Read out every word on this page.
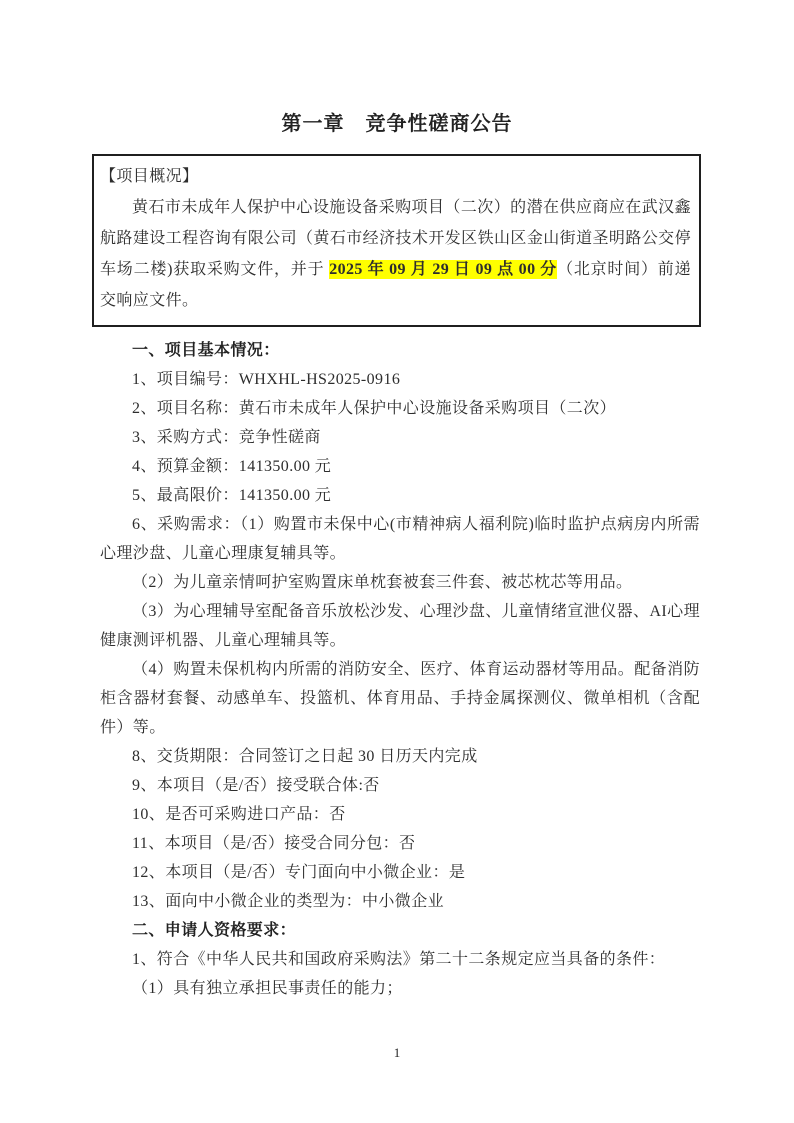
第一章　竞争性磋商公告
【项目概况】

黄石市未成年人保护中心设施设备采购项目（二次）的潜在供应商应在武汉鑫航路建设工程咨询有限公司（黄石市经济技术开发区铁山区金山街道圣明路公交停车场二楼)获取采购文件，并于 2025 年 09 月 29 日 09 点 00 分（北京时间）前递交响应文件。

一、项目基本情况：

1、项目编号：WHXHL-HS2025-0916

2、项目名称：黄石市未成年人保护中心设施设备采购项目（二次）

3、采购方式：竞争性磋商

4、预算金额：141350.00 元

5、最高限价：141350.00 元

6、采购需求：（1）购置市未保中心(市精神病人福利院)临时监护点病房内所需心理沙盘、儿童心理康复辅具等。

（2）为儿童亲情呵护室购置床单枕套被套三件套、被芯枕芯等用品。

（3）为心理辅导室配备音乐放松沙发、心理沙盘、儿童情绪宣泄仪器、AI心理健康测评机器、儿童心理辅具等。

（4）购置未保机构内所需的消防安全、医疗、体育运动器材等用品。配备消防柜含器材套餐、动感单车、投篮机、体育用品、手持金属探测仪、微单相机（含配件）等。

8、交货期限：合同签订之日起 30 日历天内完成

9、本项目（是/否）接受联合体:否

10、是否可采购进口产品：否

11、本项目（是/否）接受合同分包：否

12、本项目（是/否）专门面向中小微企业：是

13、面向中小微企业的类型为：中小微企业

二、申请人资格要求：

1、符合《中华人民共和国政府采购法》第二十二条规定应当具备的条件：

（1）具有独立承担民事责任的能力；

1
